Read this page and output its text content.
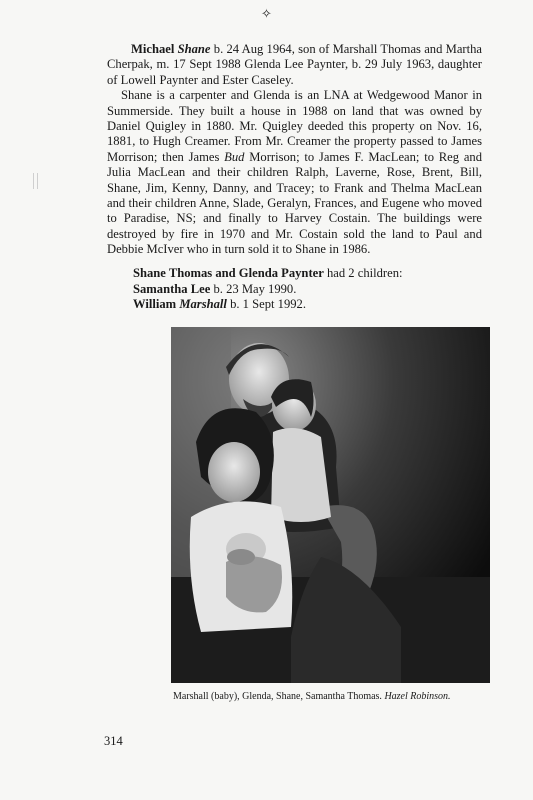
✧

Michael Shane b. 24 Aug 1964, son of Marshall Thomas and Martha Cherpak, m. 17 Sept 1988 Glenda Lee Paynter, b. 29 July 1963, daughter of Lowell Paynter and Ester Caseley.

Shane is a carpenter and Glenda is an LNA at Wedgewood Manor in Summerside. They built a house in 1988 on land that was owned by Daniel Quigley in 1880. Mr. Quigley deeded this property on Nov. 16, 1881, to Hugh Creamer. From Mr. Creamer the property passed to James Morrison; then James Bud Morrison; to James F. MacLean; to Reg and Julia MacLean and their children Ralph, Laverne, Rose, Brent, Bill, Shane, Jim, Kenny, Danny, and Tracey; to Frank and Thelma MacLean and their children Anne, Slade, Geralyn, Frances, and Eugene who moved to Paradise, NS; and finally to Harvey Costain. The buildings were destroyed by fire in 1970 and Mr. Costain sold the land to Paul and Debbie McIver who in turn sold it to Shane in 1986.

Shane Thomas and Glenda Paynter had 2 children:
Samantha Lee b. 23 May 1990.
William Marshall b. 1 Sept 1992.
Marshall (baby), Glenda, Shane, Samantha Thomas. Hazel Robinson.
314
